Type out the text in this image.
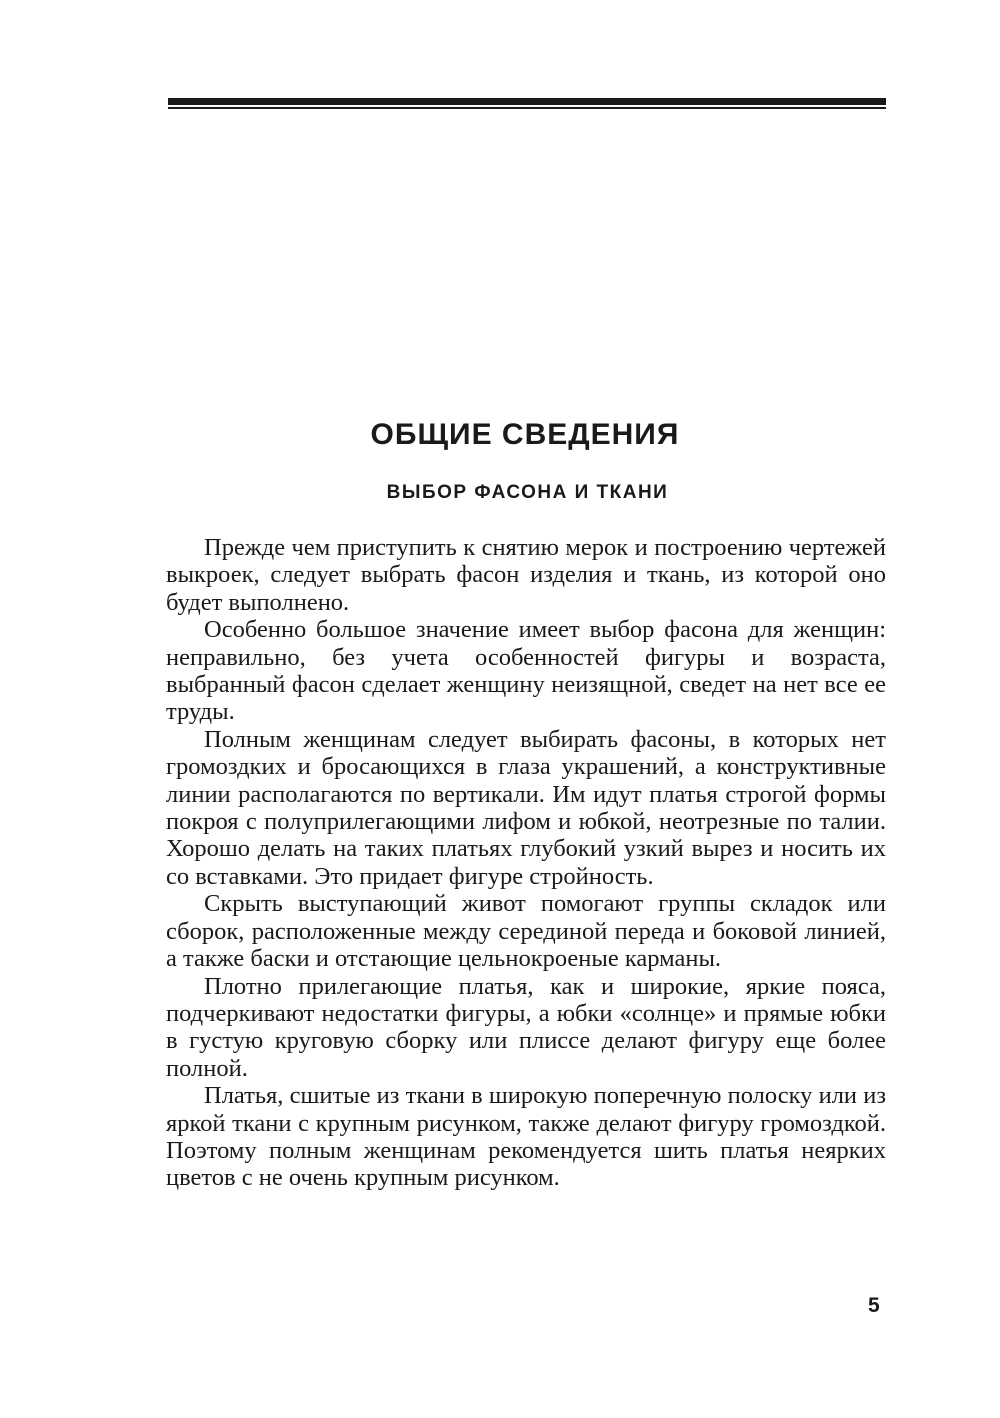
ОБЩИЕ СВЕДЕНИЯ
ВЫБОР ФАСОНА И ТКАНИ

Прежде чем приступить к снятию мерок и построению чертежей выкроек, следует выбрать фасон изделия и ткань, из которой оно будет выполнено.

Особенно большое значение имеет выбор фасона для женщин: неправильно, без учета особенностей фигуры и возраста, выбранный фасон сделает женщину неизящной, сведет на нет все ее труды.

Полным женщинам следует выбирать фасоны, в которых нет громоздких и бросающихся в глаза украшений, а конструктивные линии располагаются по вертикали. Им идут платья строгой формы покроя с полуприлегающими лифом и юбкой, неотрезные по талии. Хорошо делать на таких платьях глубокий узкий вырез и носить их со вставками. Это придает фигуре стройность.

Скрыть выступающий живот помогают группы складок или сборок, расположенные между серединой переда и боковой линией, а также баски и отстающие цельнокроеные карманы.

Плотно прилегающие платья, как и широкие, яркие пояса, подчеркивают недостатки фигуры, а юбки «солнце» и прямые юбки в густую круговую сборку или плиссе делают фигуру еще более полной.

Платья, сшитые из ткани в широкую поперечную полоску или из яркой ткани с крупным рисунком, также делают фигуру громоздкой. Поэтому полным женщинам рекомендуется шить платья неярких цветов с не очень крупным рисунком.

5
